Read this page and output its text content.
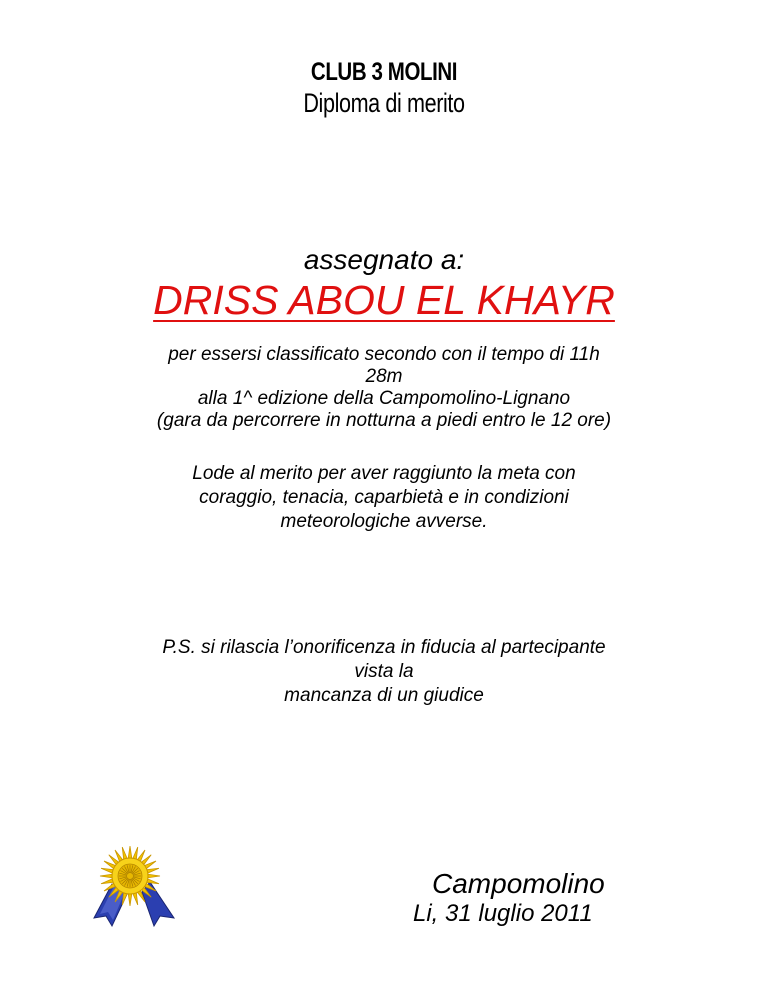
CLUB 3 MOLINI
Diploma di merito
assegnato a:
DRISS ABOU EL KHAYR
per essersi classificato secondo con il tempo di 11h
28m
alla 1^ edizione della Campomolino-Lignano
(gara da percorrere in notturna a piedi entro le 12 ore)
Lode al merito per aver raggiunto la meta con
coraggio, tenacia, caparbietà e in condizioni
meteorologiche avverse.
P.S. si rilascia l’onorificenza in fiducia al partecipante
vista la
mancanza di un giudice
Campomolino
Li, 31 luglio 2011
